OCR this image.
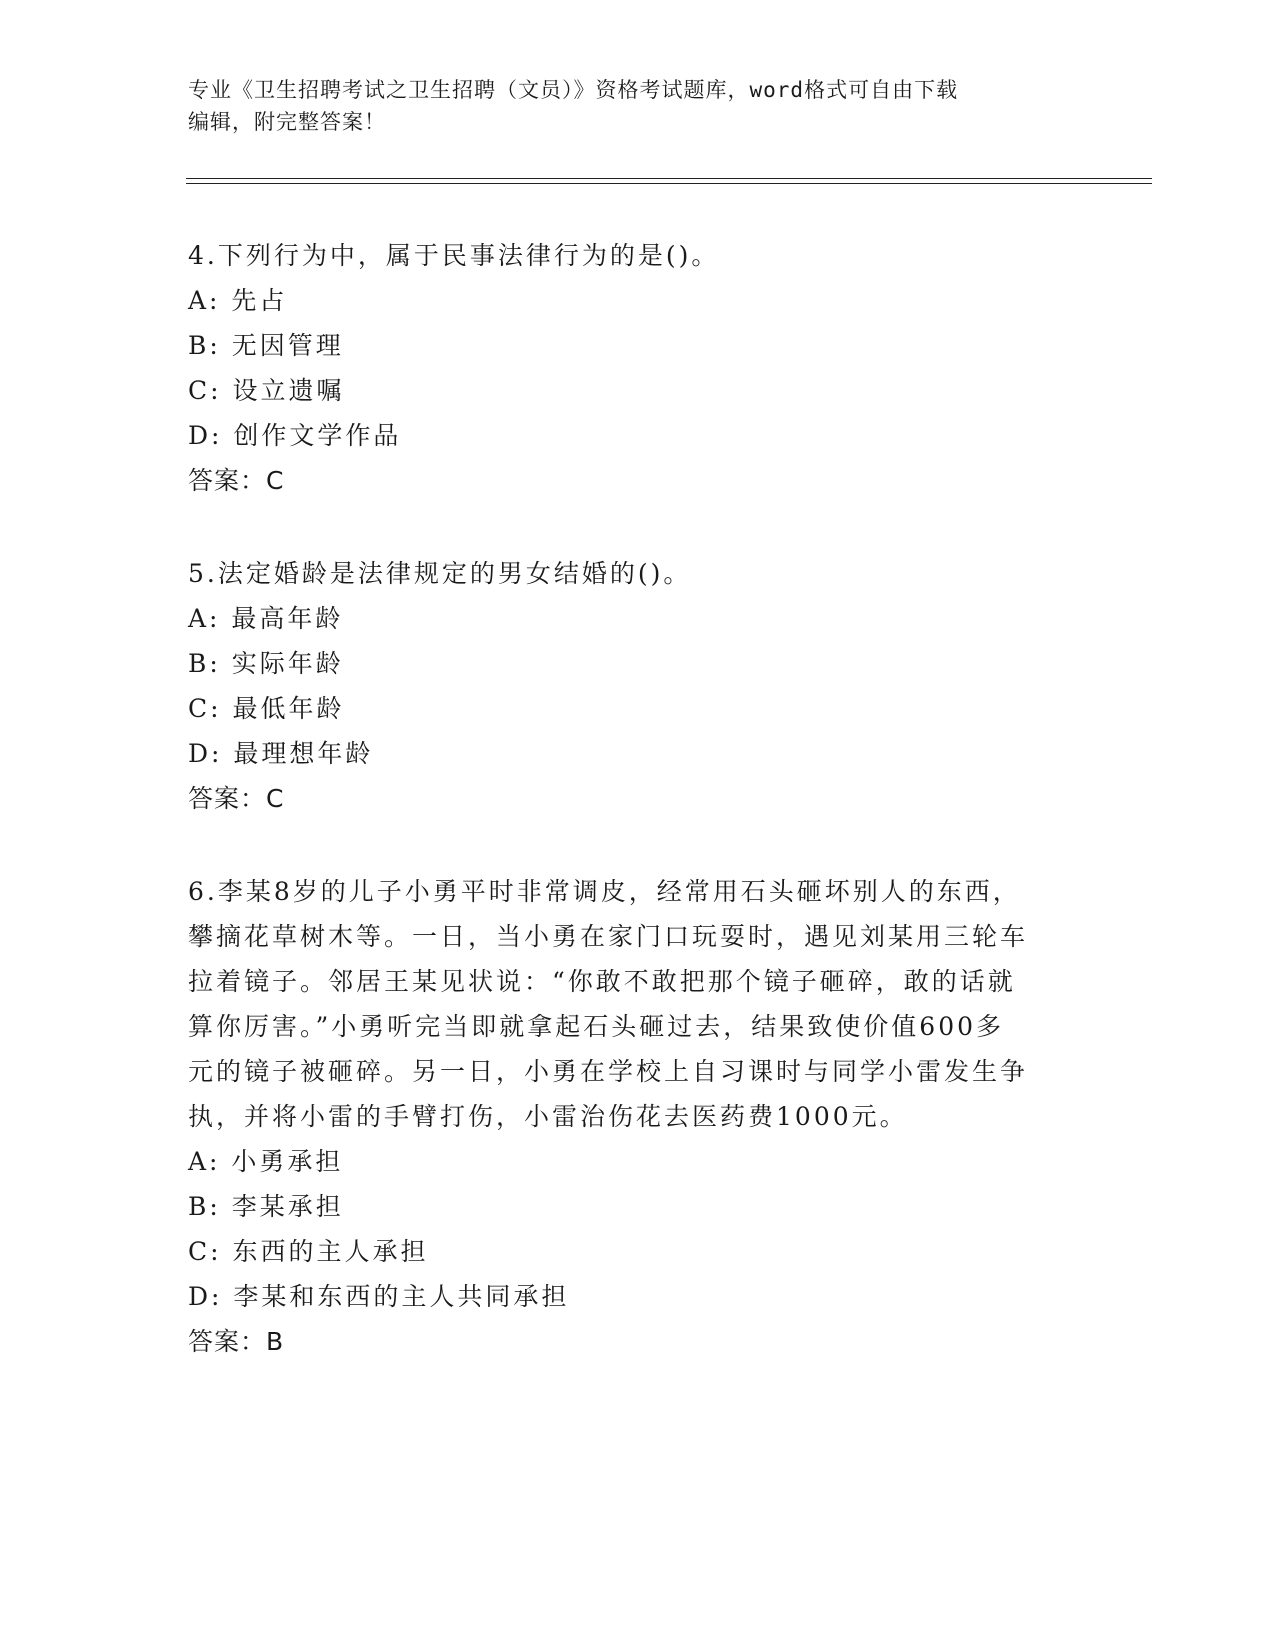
专业《卫生招聘考试之卫生招聘（文员）》资格考试题库，word格式可自由下载
编辑，附完整答案！

4.下列行为中，属于民事法律行为的是()。

A: 先占

B: 无因管理

C: 设立遗嘱

D: 创作文学作品

答案：C

5.法定婚龄是法律规定的男女结婚的()。

A: 最高年龄

B: 实际年龄

C: 最低年龄

D: 最理想年龄

答案：C

6.李某8岁的儿子小勇平时非常调皮，经常用石头砸坏别人的东西，
攀摘花草树木等。一日，当小勇在家门口玩耍时，遇见刘某用三轮车
拉着镜子。邻居王某见状说：“你敢不敢把那个镜子砸碎，敢的话就
算你厉害。”小勇听完当即就拿起石头砸过去，结果致使价值600多
元的镜子被砸碎。另一日，小勇在学校上自习课时与同学小雷发生争
执，并将小雷的手臂打伤，小雷治伤花去医药费1000元。

A: 小勇承担

B: 李某承担

C: 东西的主人承担

D: 李某和东西的主人共同承担

答案：B
